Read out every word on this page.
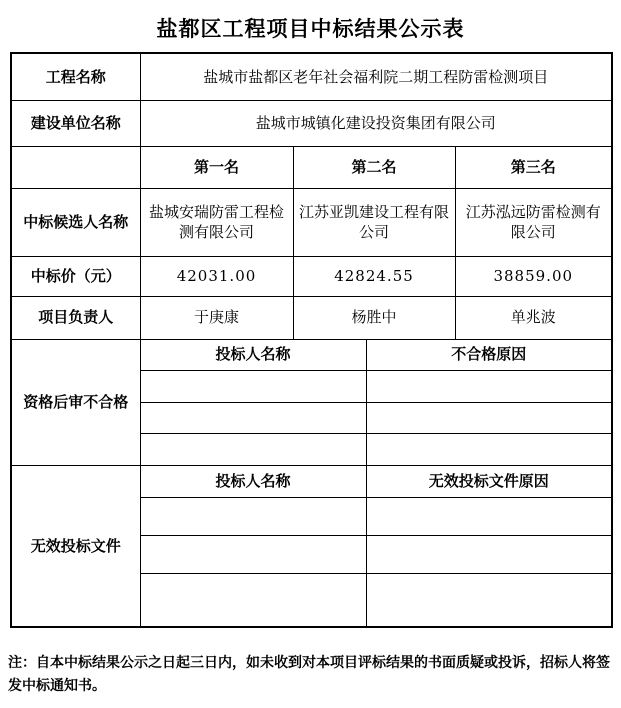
盐都区工程项目中标结果公示表
工程名称	盐城市盐都区老年社会福利院二期工程防雷检测项目			
建设单位名称	盐城市城镇化建设投资集团有限公司			
	第一名	第二名		第三名
中标候选人名称	盐城安瑞防雷工程检测有限公司	江苏亚凯建设工程有限公司		江苏泓远防雷检测有限公司
中标价（元）	42031.00	42824.55		38859.00
项目负责人	于庚康	杨胜中		单兆波
资格后审不合格	投标人名称		不合格原因	

无效投标文件	投标人名称		无效投标文件原因	

注：自本中标结果公示之日起三日内，如未收到对本项目评标结果的书面质疑或投诉，招标人将签发中标通知书。
